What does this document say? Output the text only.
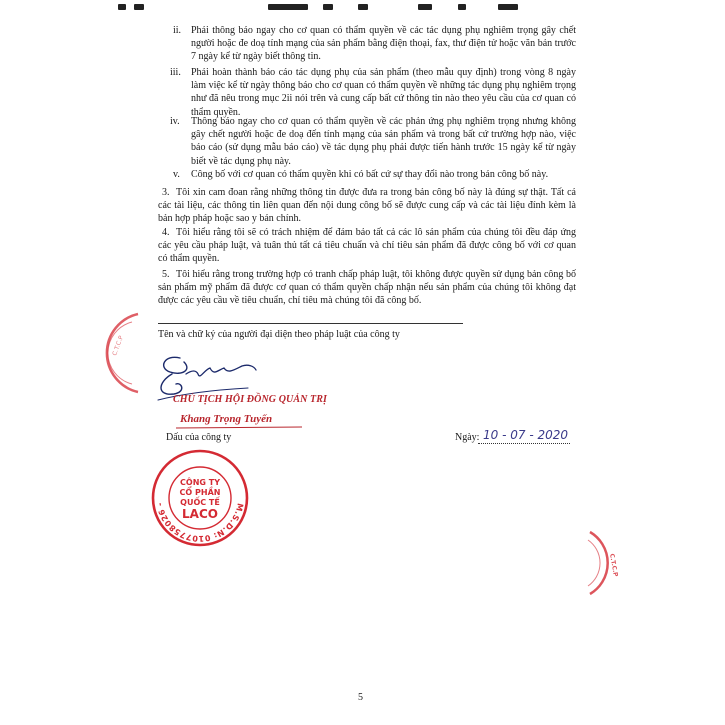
ii. Phải thông báo ngay cho cơ quan có thẩm quyền về các tác dụng phụ nghiêm trọng gây chết người hoặc đe doạ tính mạng của sản phẩm bằng điện thoại, fax, thư điện tử hoặc văn bản trước 7 ngày kể từ ngày biết thông tin.
iii. Phải hoàn thành báo cáo tác dụng phụ của sản phẩm (theo mẫu quy định) trong vòng 8 ngày làm việc kể từ ngày thông báo cho cơ quan có thẩm quyền về những tác dụng phụ nghiêm trọng như đã nêu trong mục 2ii nói trên và cung cấp bất cứ thông tin nào theo yêu cầu của cơ quan có thẩm quyền.
iv. Thông báo ngay cho cơ quan có thẩm quyền về các phản ứng phụ nghiêm trọng nhưng không gây chết người hoặc đe doạ đến tính mạng của sản phẩm và trong bất cứ trường hợp nào, việc báo cáo (sử dụng mẫu báo cáo) về tác dụng phụ phải được tiến hành trước 15 ngày kể từ ngày biết về tác dụng phụ này.
v. Công bố với cơ quan có thẩm quyền khi có bất cứ sự thay đổi nào trong bản công bố này.
3. Tôi xin cam đoan rằng những thông tin được đưa ra trong bản công bố này là đúng sự thật. Tất cả các tài liệu, các thông tin liên quan đến nội dung công bố sẽ được cung cấp và các tài liệu đính kèm là bản hợp pháp hoặc sao y bản chính.
4. Tôi hiểu rằng tôi sẽ có trách nhiệm để đảm bảo tất cả các lô sản phẩm của chúng tôi đều đáp ứng các yêu cầu pháp luật, và tuân thủ tất cả tiêu chuẩn và chỉ tiêu sản phẩm đã được công bố với cơ quan có thẩm quyền.
5. Tôi hiểu rằng trong trường hợp có tranh chấp pháp luật, tôi không được quyền sử dụng bản công bố sản phẩm mỹ phẩm đã được cơ quan có thẩm quyền chấp nhận nếu sản phẩm của chúng tôi không đạt được các yêu cầu về tiêu chuẩn, chỉ tiêu mà chúng tôi đã công bố.
Tên và chữ ký của người đại diện theo pháp luật của công ty
C.T.C.P
CHỦ TỊCH HỘI ĐỒNG QUẢN TRỊ
Khang Trọng Tuyến
Dấu của công ty	Ngày: 10 - 07 - 2020
M.S.D.N: 0107758026 - C.T.C.P -
CÔNG TY
CỔ PHẦN
QUỐC TẾ
LACO
C.T.C.P
5
